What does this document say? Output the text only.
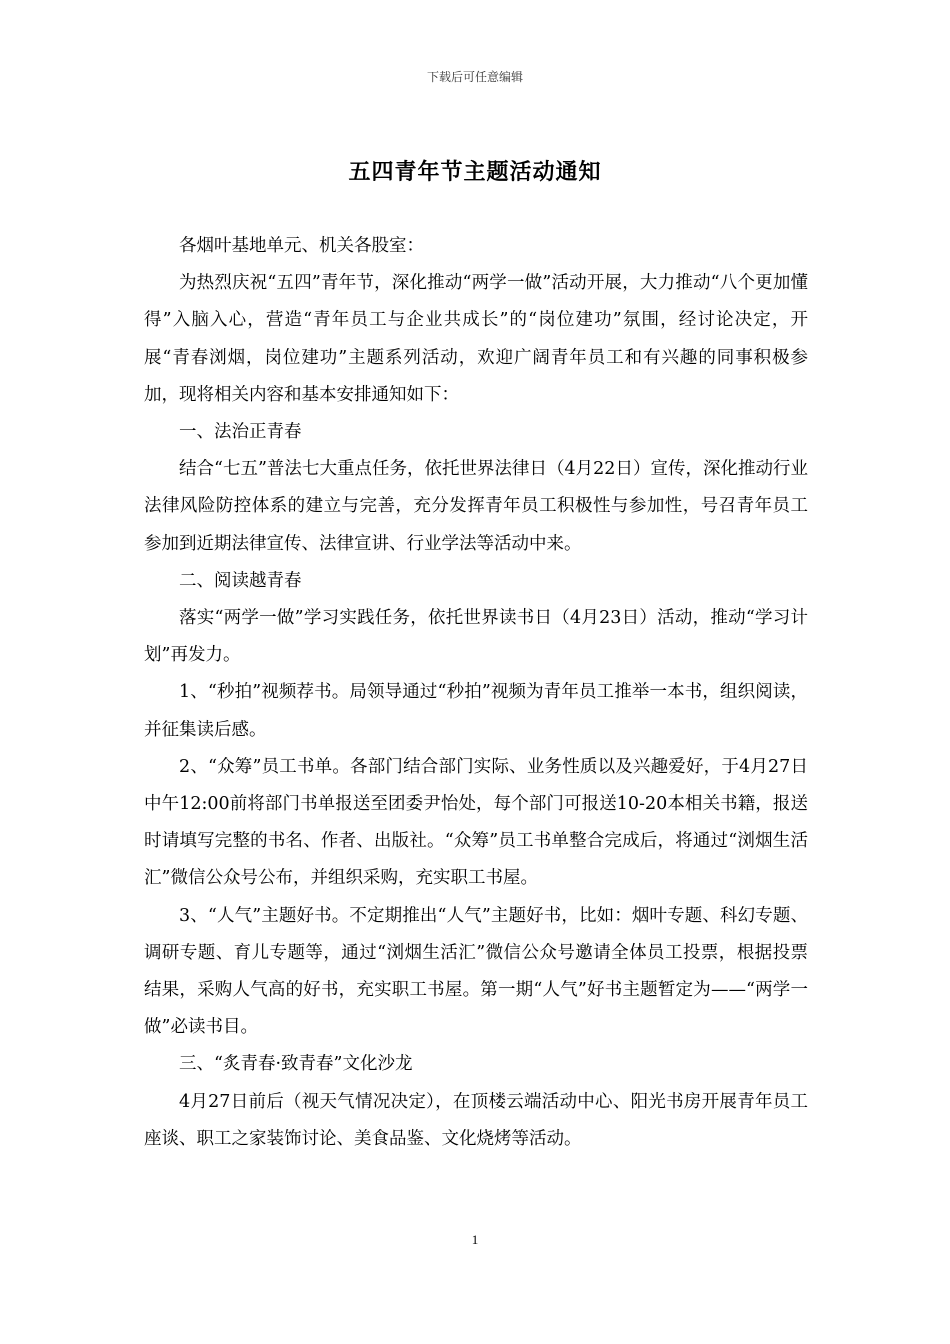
下载后可任意编辑
五四青年节主题活动通知

各烟叶基地单元、机关各股室：

为热烈庆祝“五四”青年节，深化推动“两学一做”活动开展，大力推动“八个更加懂得”入脑入心，营造“青年员工与企业共成长”的“岗位建功”氛围，经讨论决定，开展“青春浏烟，岗位建功”主题系列活动，欢迎广阔青年员工和有兴趣的同事积极参加，现将相关内容和基本安排通知如下：

一、法治正青春

结合“七五”普法七大重点任务，依托世界法律日（4月22日）宣传，深化推动行业法律风险防控体系的建立与完善，充分发挥青年员工积极性与参加性，号召青年员工参加到近期法律宣传、法律宣讲、行业学法等活动中来。

二、阅读越青春

落实“两学一做”学习实践任务，依托世界读书日（4月23日）活动，推动“学习计划”再发力。

1、“秒拍”视频荐书。局领导通过“秒拍”视频为青年员工推举一本书，组织阅读，并征集读后感。

2、“众筹”员工书单。各部门结合部门实际、业务性质以及兴趣爱好，于4月27日中午12:00前将部门书单报送至团委尹怡处，每个部门可报送10-20本相关书籍，报送时请填写完整的书名、作者、出版社。“众筹”员工书单整合完成后，将通过“浏烟生活汇”微信公众号公布，并组织采购，充实职工书屋。

3、“人气”主题好书。不定期推出“人气”主题好书，比如：烟叶专题、科幻专题、调研专题、育儿专题等，通过“浏烟生活汇”微信公众号邀请全体员工投票，根据投票结果，采购人气高的好书，充实职工书屋。第一期“人气”好书主题暂定为——“两学一做”必读书目。

三、“炙青春·致青春”文化沙龙

4月27日前后（视天气情况决定），在顶楼云端活动中心、阳光书房开展青年员工座谈、职工之家装饰讨论、美食品鉴、文化烧烤等活动。

1
